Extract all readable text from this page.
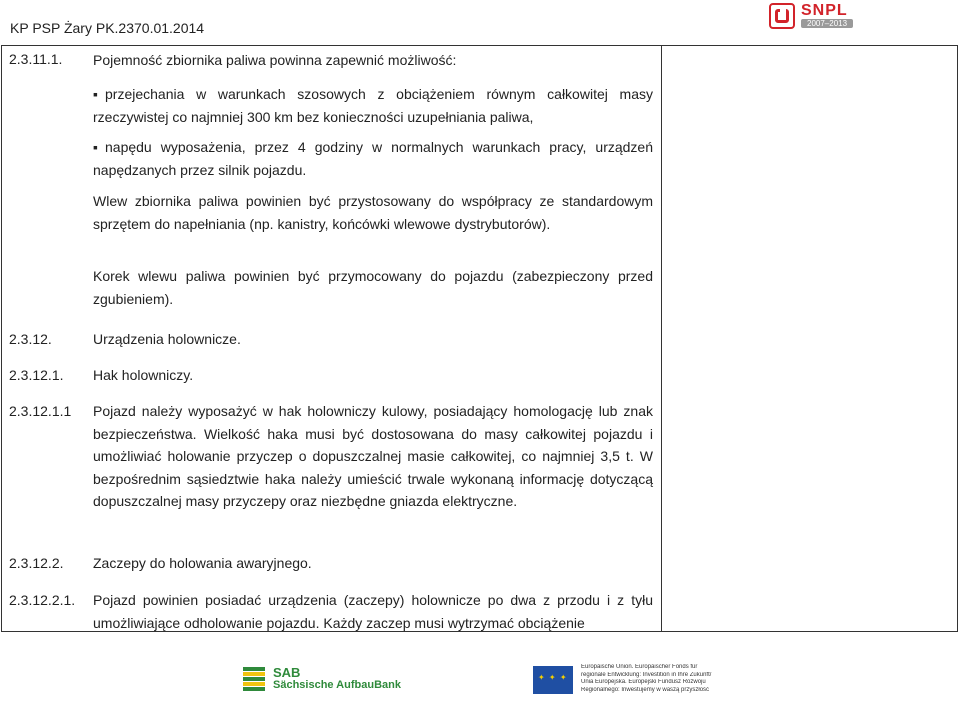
KP PSP Żary PK.2370.01.2014
SNPL
2007–2013
2.3.11.1. Pojemność zbiornika paliwa powinna zapewnić możliwość:
▪ przejechania w warunkach szosowych z obciążeniem równym całkowitej masy rzeczywistej co najmniej 300 km bez konieczności uzupełniania paliwa,
▪ napędu wyposażenia, przez 4 godziny w normalnych warunkach pracy, urządzeń napędzanych przez silnik pojazdu.
Wlew zbiornika paliwa powinien być przystosowany do współpracy ze standardowym sprzętem do napełniania (np. kanistry, końcówki wlewowe dystrybutorów).
Korek wlewu paliwa powinien być przymocowany do pojazdu (zabezpieczony przed zgubieniem).
2.3.12.	Urządzenia holownicze.
2.3.12.1. Hak holowniczy.
2.3.12.1.1 Pojazd należy wyposażyć w hak holowniczy kulowy, posiadający homologację lub znak bezpieczeństwa. Wielkość haka musi być dostosowana do masy całkowitej pojazdu i umożliwiać holowanie przyczep o dopuszczalnej masie całkowitej, co najmniej 3,5 t. W bezpośrednim sąsiedztwie haka należy umieścić trwale wykonaną informację dotyczącą dopuszczalnej masy przyczepy oraz niezbędne gniazda elektryczne.
2.3.12.2. Zaczepy do holowania awaryjnego.
2.3.12.2.1. Pojazd powinien posiadać urządzenia (zaczepy) holownicze po dwa z przodu i z tyłu umożliwiające odholowanie pojazdu. Każdy zaczep musi wytrzymać obciążenie
SAB
Sächsische AufbauBank
✦ ✦ ✦
Europäische Union. Europäischer Fonds für
regionale Entwicklung: Investition in Ihre Zukunft/
Unia Europejska. Europejski Fundusz Rozwoju
Regionalnego: Inwestujemy w waszą przyszłość
